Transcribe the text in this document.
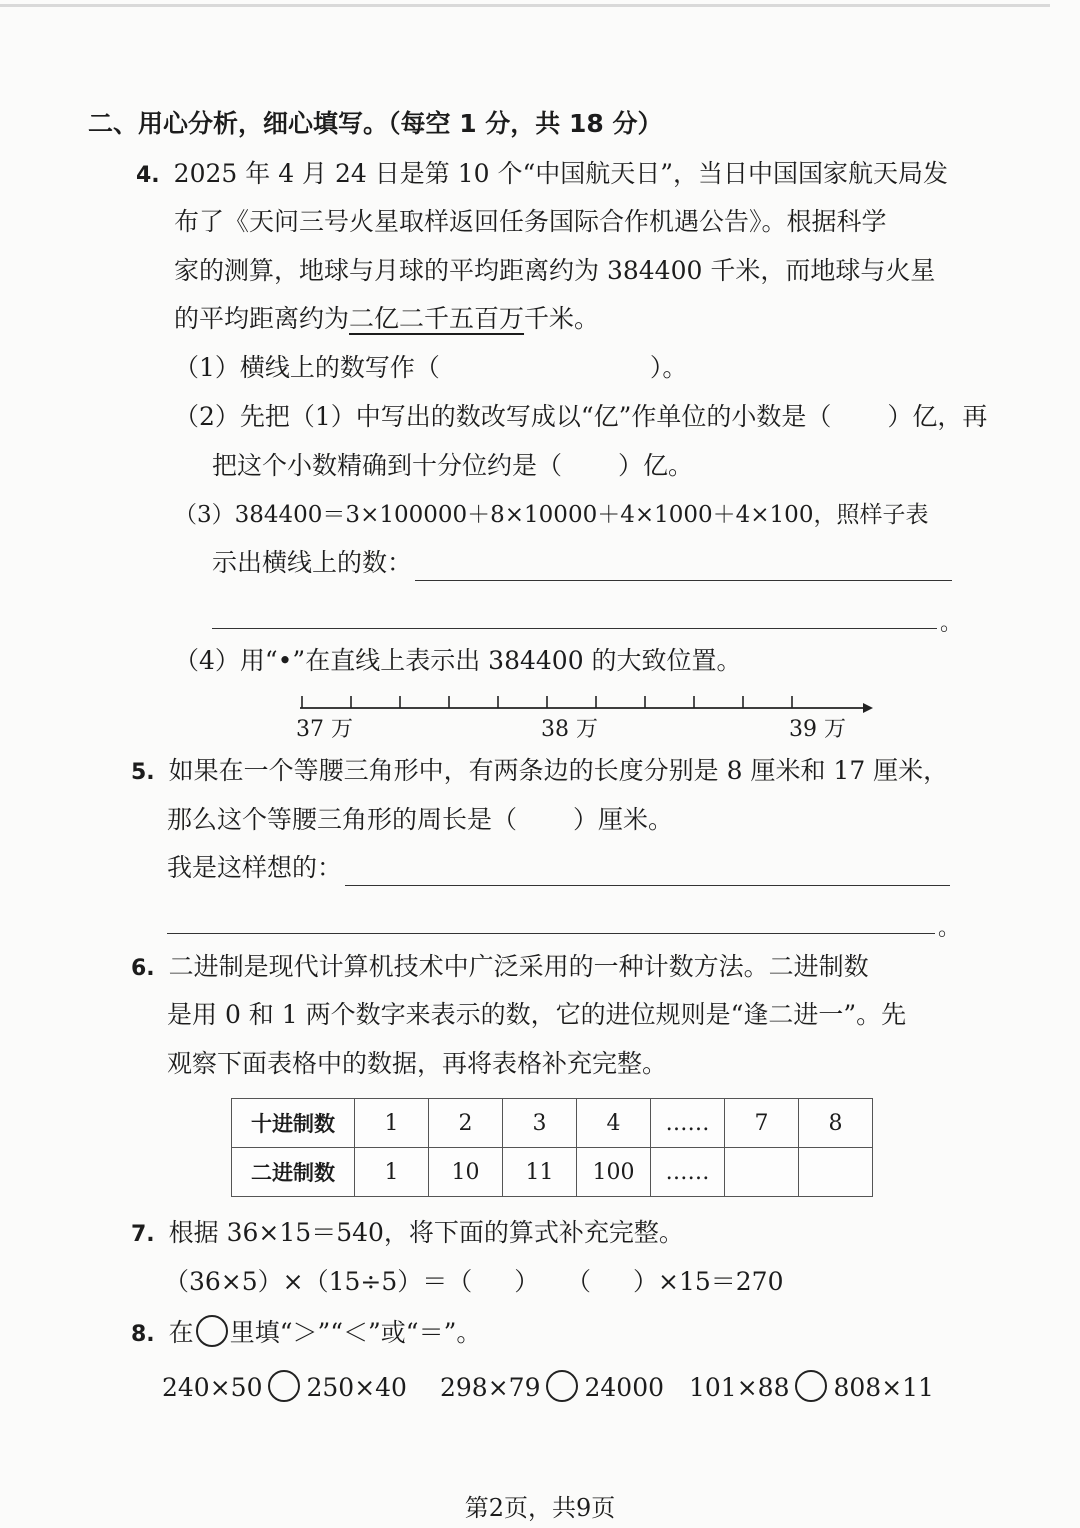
二、用心分析，细心填写。（每空 1 分，共 18 分）
4. 2025 年 4 月 24 日是第 10 个“中国航天日”，当日中国国家航天局发
布了《天问三号火星取样返回任务国际合作机遇公告》。根据科学
家的测算，地球与月球的平均距离约为 384400 千米，而地球与火星
的平均距离约为二亿二千五百万千米。
（1）横线上的数写作（	）。
（2）先把（1）中写出的数改写成以“亿”作单位的小数是（ ）亿，再
把这个小数精确到十分位约是（ ）亿。
（3）384400＝3×100000＋8×10000＋4×1000＋4×100，照样子表
示出横线上的数：
。
（4）用“•”在直线上表示出 384400 的大致位置。
37 万	38 万	39 万
5. 如果在一个等腰三角形中，有两条边的长度分别是 8 厘米和 17 厘米，
那么这个等腰三角形的周长是（ ）厘米。
我是这样想的：
。
6. 二进制是现代计算机技术中广泛采用的一种计数方法。二进制数
是用 0 和 1 两个数字来表示的数，它的进位规则是“逢二进一”。先
观察下面表格中的数据，再将表格补充完整。
十进制数	1	2	3	4	……	7	8
二进制数	1	10	11	100	……		
7. 根据 36×15＝540，将下面的算式补充完整。
（36×5）×（15÷5）＝（ ） （ ）×15＝270
8. 在 里填“＞”“＜”或“＝”。
240×50 250×40 298×79 24000 101×88 808×11
第2页，共9页
